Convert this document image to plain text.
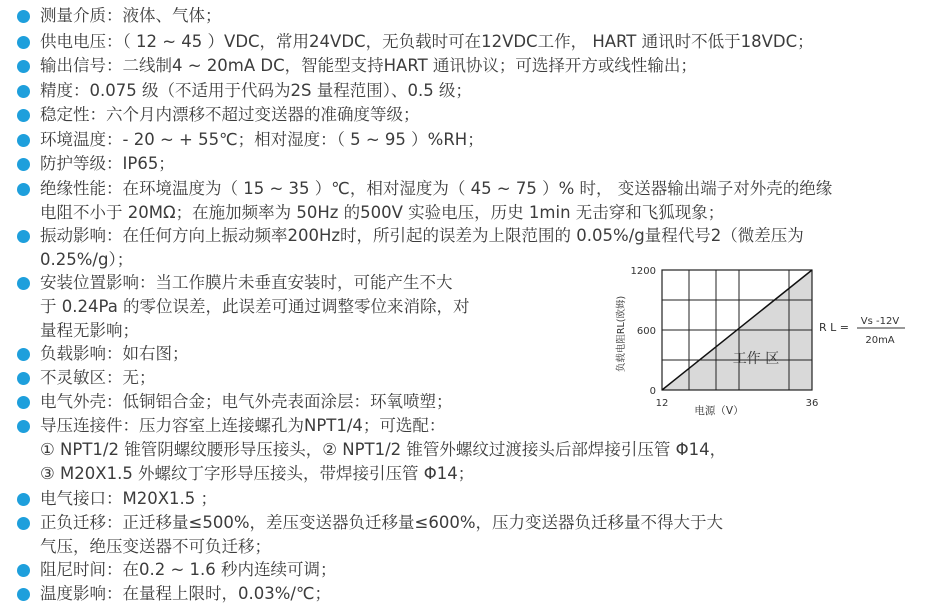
测量介质：液体、气体；
供电电压：（ 12 ~ 45 ）VDC，常用24VDC，无负载时可在12VDC工作， HART 通讯时不低于18VDC；
输出信号：二线制4 ~ 20mA DC，智能型支持HART 通讯协议；可选择开方或线性输出；
精度：0.075 级（不适用于代码为2S 量程范围）、0.5 级；
稳定性：六个月内漂移不超过变送器的准确度等级；
环境温度：- 20 ~ + 55℃；相对湿度：（ 5 ~ 95 ）%RH；
防护等级：IP65；
绝缘性能：在环境温度为（ 15 ~ 35 ）℃，相对湿度为（ 45 ~ 75 ）% 时， 变送器输出端子对外壳的绝缘
电阻不小于 20MΩ；在施加频率为 50Hz 的500V 实验电压，历史 1min 无击穿和飞狐现象；
振动影响：在任何方向上振动频率200Hz时，所引起的误差为上限范围的 0.05%/g量程代号2（微差压为
0.25%/g）；
安装位置影响：当工作膜片未垂直安装时，可能产生不大
于 0.24Pa 的零位误差，此误差可通过调整零位来消除，对
量程无影响；
负载影响：如右图；
不灵敏区：无；
电气外壳：低铜铝合金；电气外壳表面涂层：环氧喷塑；
导压连接件：压力容室上连接螺孔为NPT1/4；可选配：
① NPT1/2 锥管阴螺纹腰形导压接头，② NPT1/2 锥管外螺纹过渡接头后部焊接引压管 Φ14，
③ M20X1.5 外螺纹丁字形导压接头，带焊接引压管 Φ14；
电气接口：M20X1.5 ；
正负迁移：正迁移量≤500%，差压变送器负迁移量≤600%，压力变送器负迁移量不得大于大
气压，绝压变送器不可负迁移；
阻尼时间：在0.2 ~ 1.6 秒内连续可调；
温度影响：在量程上限时，0.03%/℃；
1200
600
0
12	36
电源（V）
负载电阻RL(欧姆)	工作 区
R L = Vs -12V
20mA
